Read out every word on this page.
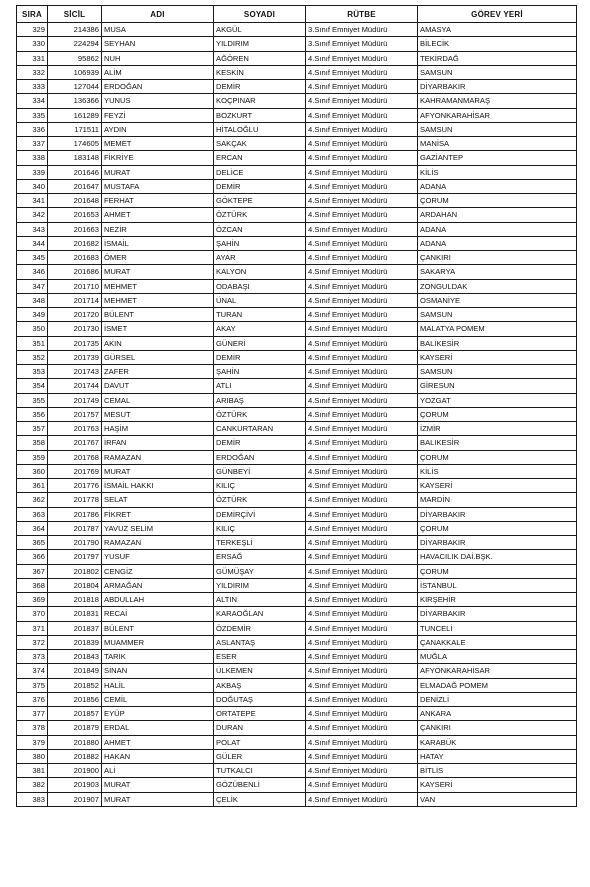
SIRA	SİCİL	ADI	SOYADI	RÜTBE	GÖREV YERİ
329	214386	MUSA	AKGÜL	3.Sınıf Emniyet Müdürü	AMASYA
330	224294	SEYHAN	YILDIRIM	3.Sınıf Emniyet Müdürü	BİLECİK
331	95862	NUH	AĞÖREN	4.Sınıf Emniyet Müdürü	TEKİRDAĞ
332	106939	ALİM	KESKİN	4.Sınıf Emniyet Müdürü	SAMSUN
333	127044	ERDOĞAN	DEMİR	4.Sınıf Emniyet Müdürü	DİYARBAKIR
334	136366	YUNUS	KOÇPINAR	4.Sınıf Emniyet Müdürü	KAHRAMANMARAŞ
335	161289	FEYZİ	BOZKURT	4.Sınıf Emniyet Müdürü	AFYONKARAHİSAR
336	171511	AYDIN	HİTALOĞLU	4.Sınıf Emniyet Müdürü	SAMSUN
337	174605	MEMET	SAKÇAK	4.Sınıf Emniyet Müdürü	MANİSA
338	183148	FİKRİYE	ERCAN	4.Sınıf Emniyet Müdürü	GAZİANTEP
339	201646	MURAT	DELİCE	4.Sınıf Emniyet Müdürü	KİLİS
340	201647	MUSTAFA	DEMİR	4.Sınıf Emniyet Müdürü	ADANA
341	201648	FERHAT	GÖKTEPE	4.Sınıf Emniyet Müdürü	ÇORUM
342	201653	AHMET	ÖZTÜRK	4.Sınıf Emniyet Müdürü	ARDAHAN
343	201663	NEZİR	ÖZCAN	4.Sınıf Emniyet Müdürü	ADANA
344	201682	İSMAİL	ŞAHİN	4.Sınıf Emniyet Müdürü	ADANA
345	201683	ÖMER	AYAR	4.Sınıf Emniyet Müdürü	ÇANKIRI
346	201686	MURAT	KALYON	4.Sınıf Emniyet Müdürü	SAKARYA
347	201710	MEHMET	ODABAŞI	4.Sınıf Emniyet Müdürü	ZONGULDAK
348	201714	MEHMET	ÜNAL	4.Sınıf Emniyet Müdürü	OSMANİYE
349	201720	BÜLENT	TURAN	4.Sınıf Emniyet Müdürü	SAMSUN
350	201730	İSMET	AKAY	4.Sınıf Emniyet Müdürü	MALATYA POMEM
351	201735	AKIN	GÜNERİ	4.Sınıf Emniyet Müdürü	BALIKESİR
352	201739	GÜRSEL	DEMİR	4.Sınıf Emniyet Müdürü	KAYSERİ
353	201743	ZAFER	ŞAHİN	4.Sınıf Emniyet Müdürü	SAMSUN
354	201744	DAVUT	ATLI	4.Sınıf Emniyet Müdürü	GİRESUN
355	201749	CEMAL	ARIBAŞ	4.Sınıf Emniyet Müdürü	YOZGAT
356	201757	MESUT	ÖZTÜRK	4.Sınıf Emniyet Müdürü	ÇORUM
357	201763	HAŞİM	CANKURTARAN	4.Sınıf Emniyet Müdürü	İZMİR
358	201767	İRFAN	DEMİR	4.Sınıf Emniyet Müdürü	BALIKESİR
359	201768	RAMAZAN	ERDOĞAN	4.Sınıf Emniyet Müdürü	ÇORUM
360	201769	MURAT	GÜNBEYİ	4.Sınıf Emniyet Müdürü	KİLİS
361	201776	İSMAİL HAKKI	KILIÇ	4.Sınıf Emniyet Müdürü	KAYSERİ
362	201778	SELAT	ÖZTÜRK	4.Sınıf Emniyet Müdürü	MARDİN
363	201786	FİKRET	DEMİRÇİVİ	4.Sınıf Emniyet Müdürü	DİYARBAKIR
364	201787	YAVUZ SELİM	KILIÇ	4.Sınıf Emniyet Müdürü	ÇORUM
365	201790	RAMAZAN	TERKEŞLİ	4.Sınıf Emniyet Müdürü	DİYARBAKIR
366	201797	YUSUF	ERSAĞ	4.Sınıf Emniyet Müdürü	HAVACILIK DAİ.BŞK.
367	201802	CENGİZ	GÜMÜŞAY	4.Sınıf Emniyet Müdürü	ÇORUM
368	201804	ARMAĞAN	YILDIRIM	4.Sınıf Emniyet Müdürü	İSTANBUL
369	201818	ABDULLAH	ALTIN	4.Sınıf Emniyet Müdürü	KIRŞEHİR
370	201831	RECAİ	KARAOĞLAN	4.Sınıf Emniyet Müdürü	DİYARBAKIR
371	201837	BÜLENT	ÖZDEMİR	4.Sınıf Emniyet Müdürü	TUNCELİ
372	201839	MUAMMER	ASLANTAŞ	4.Sınıf Emniyet Müdürü	ÇANAKKALE
373	201843	TARIK	ESER	4.Sınıf Emniyet Müdürü	MUĞLA
374	201849	SİNAN	ÜLKEMEN	4.Sınıf Emniyet Müdürü	AFYONKARAHİSAR
375	201852	HALİL	AKBAŞ	4.Sınıf Emniyet Müdürü	ELMADAĞ POMEM
376	201856	CEMİL	DOĞUTAŞ	4.Sınıf Emniyet Müdürü	DENİZLİ
377	201857	EYÜP	ORTATEPE	4.Sınıf Emniyet Müdürü	ANKARA
378	201879	ERDAL	DURAN	4.Sınıf Emniyet Müdürü	ÇANKIRI
379	201880	AHMET	POLAT	4.Sınıf Emniyet Müdürü	KARABÜK
380	201882	HAKAN	GÜLER	4.Sınıf Emniyet Müdürü	HATAY
381	201900	ALİ	TUTKALCI	4.Sınıf Emniyet Müdürü	BİTLİS
382	201903	MURAT	GÖZÜBENLİ	4.Sınıf Emniyet Müdürü	KAYSERİ
383	201907	MURAT	ÇELİK	4.Sınıf Emniyet Müdürü	VAN
